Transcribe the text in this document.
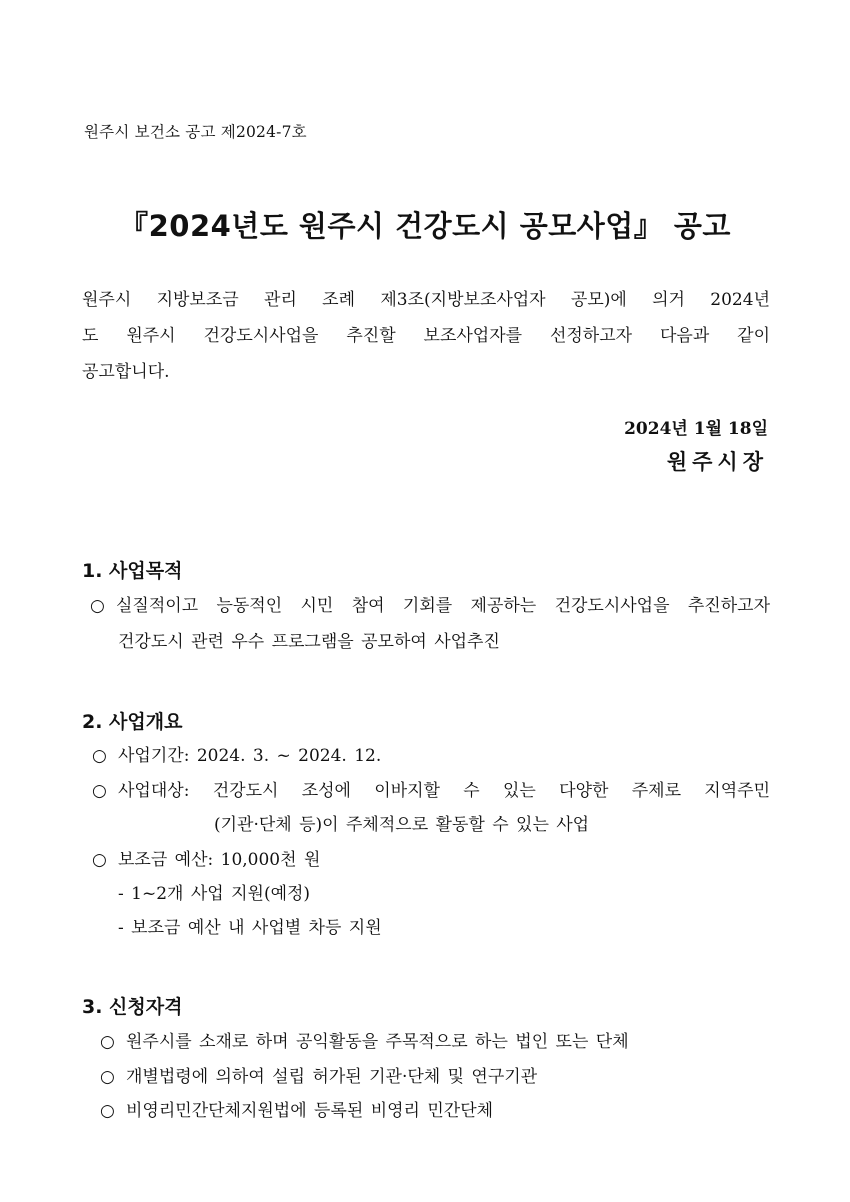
원주시 보건소 공고 제2024-7호
『2024년도 원주시 건강도시 공모사업』 공고

원주시 지방보조금 관리 조례 제3조(지방보조사업자 공모)에 의거 2024년
도 원주시 건강도시사업을 추진할 보조사업자를 선정하고자 다음과 같이
공고합니다.

2024년 1월 18일
원주시장
1. 사업목적
○ 실질적이고 능동적인 시민 참여 기회를 제공하는 건강도시사업을 추진하고자
건강도시 관련 우수 프로그램을 공모하여 사업추진
2. 사업개요
○ 사업기간: 2024. 3. ~ 2024. 12.
○ 사업대상: 건강도시 조성에 이바지할 수 있는 다양한 주제로 지역주민
(기관·단체 등)이 주체적으로 활동할 수 있는 사업
○ 보조금 예산: 10,000천 원
- 1~2개 사업 지원(예정)
- 보조금 예산 내 사업별 차등 지원
3. 신청자격
○ 원주시를 소재로 하며 공익활동을 주목적으로 하는 법인 또는 단체
○ 개별법령에 의하여 설립 허가된 기관·단체 및 연구기관
○ 비영리민간단체지원법에 등록된 비영리 민간단체
